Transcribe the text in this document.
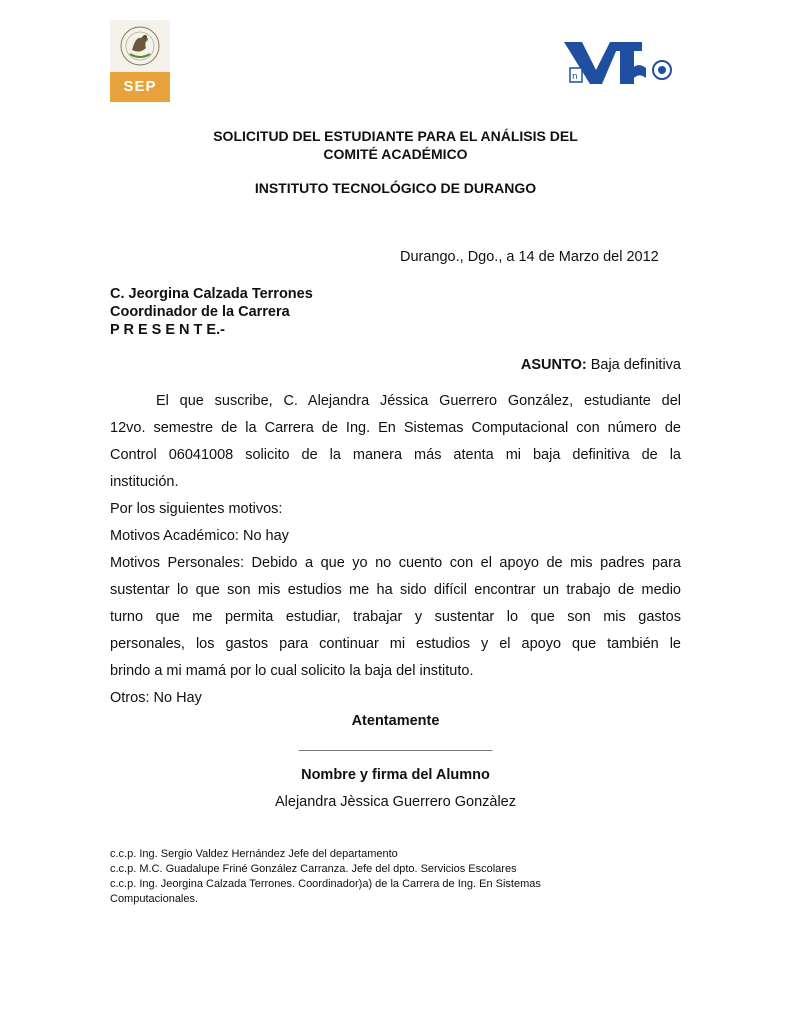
SEP
n
SOLICITUD DEL ESTUDIANTE PARA EL ANÁLISIS DEL
COMITÉ ACADÉMICO
INSTITUTO TECNOLÓGICO DE DURANGO
Durango., Dgo., a 14 de Marzo del 2012
C. Jeorgina Calzada Terrones
Coordinador de la Carrera
P R E S E N T E.-
ASUNTO: Baja definitiva
El que suscribe, C. Alejandra Jéssica Guerrero González, estudiante del
12vo. semestre de la Carrera de Ing. En Sistemas Computacional con número de
Control 06041008 solicito de la manera más atenta mi baja definitiva de la
institución.
Por los siguientes motivos:
Motivos Académico: No hay
Motivos Personales: Debido a que yo no cuento con el apoyo de mis padres para
sustentar lo que son mis estudios me ha sido difícil encontrar un trabajo de medio
turno que me permita estudiar, trabajar y sustentar lo que son mis gastos
personales, los gastos para continuar mi estudios y el apoyo que también le
brindo a mi mamá por lo cual solicito la baja del instituto.
Otros: No Hay
Atentamente
________________________
Nombre y firma del Alumno
Alejandra Jèssica Guerrero Gonzàlez
c.c.p. Ing. Sergio Valdez Hernández Jefe del departamento
c.c.p. M.C. Guadalupe Friné González Carranza. Jefe del dpto. Servicios Escolares
c.c.p. Ing. Jeorgina Calzada Terrones. Coordinador)a) de la Carrera de Ing. En Sistemas
Computacionales.
